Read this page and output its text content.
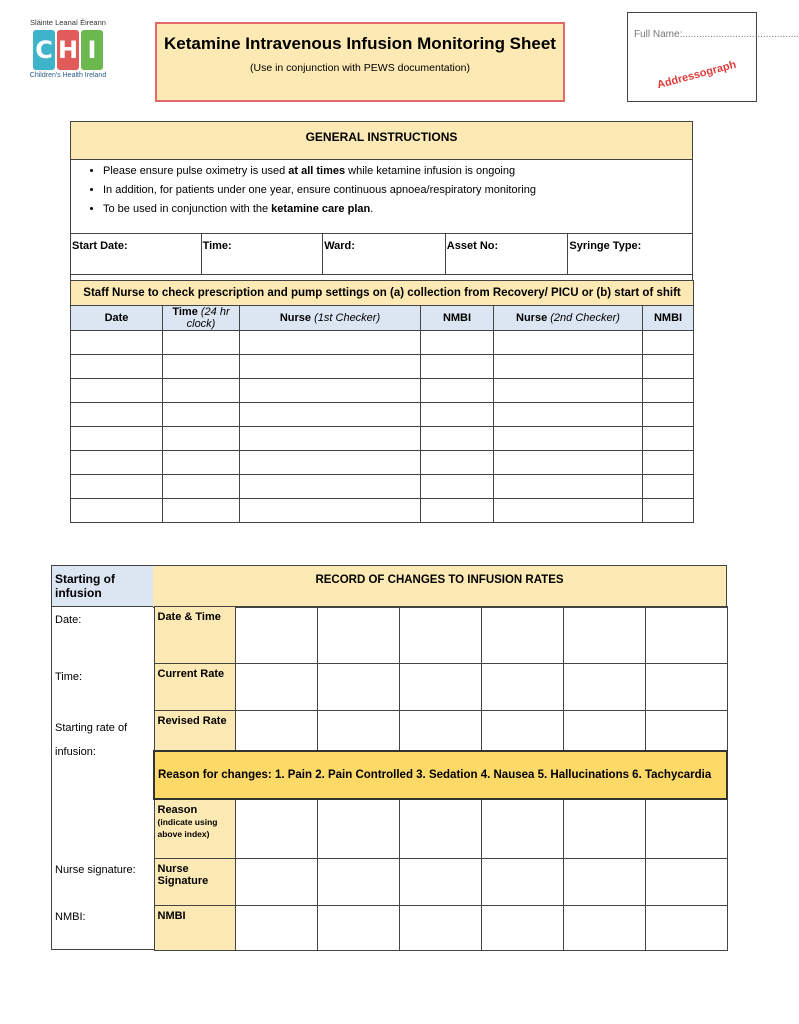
Sláinte Leanaí Éireann
C H I
Children's Health Ireland
Ketamine Intravenous Infusion Monitoring Sheet
(Use in conjunction with PEWS documentation)
Full Name:..........................................
Addressograph
GENERAL INSTRUCTIONS
• Please ensure pulse oximetry is used at all times while ketamine infusion is ongoing
• In addition, for patients under one year, ensure continuous apnoea/respiratory monitoring
• To be used in conjunction with the ketamine care plan.
Start Date:	Time:	Ward:	Asset No:	Syringe Type:
Staff Nurse to check prescription and pump settings on (a) collection from Recovery/ PICU or (b) start of shift					
Date	Time (24 hr clock)	Nurse (1st Checker)	NMBI	Nurse (2nd Checker)	NMBI

Starting of infusion
Date:
Time:
Starting rate of infusion:
Nurse signature:
NMBI:
RECORD OF CHANGES TO INFUSION RATES
Date & Time						
Current Rate						
Revised Rate						
Reason for changes: 1. Pain 2. Pain Controlled 3. Sedation 4. Nausea 5. Hallucinations 6. Tachycardia						
Reason (indicate using above index)						
Nurse Signature						
NMBI						
